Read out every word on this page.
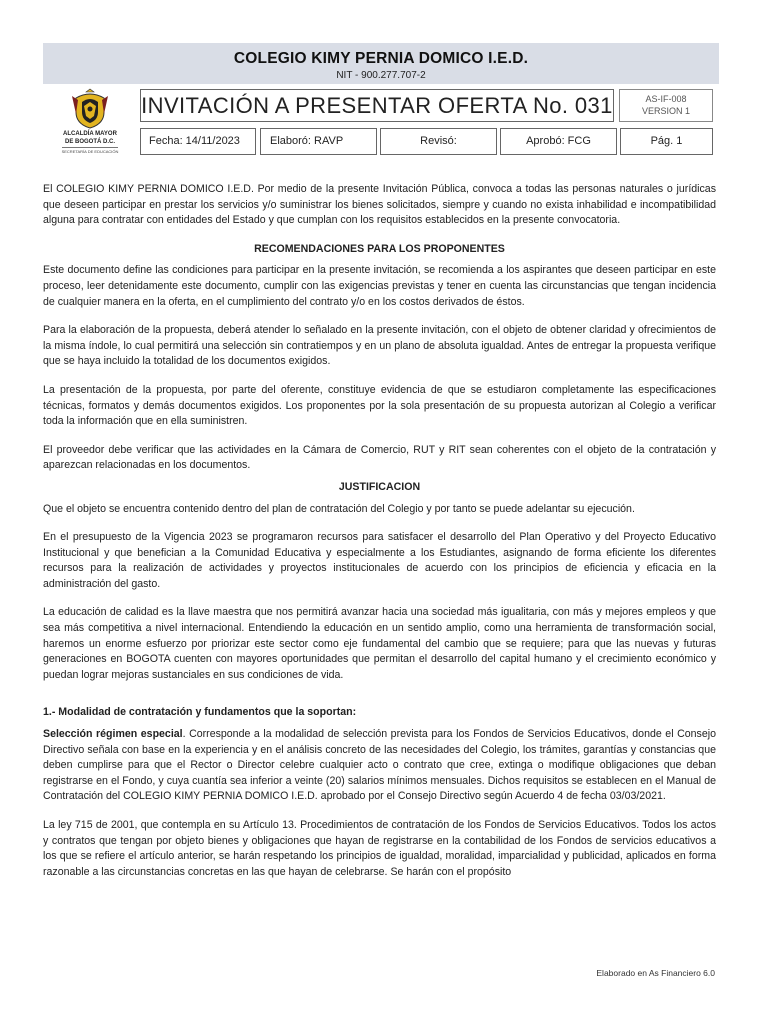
COLEGIO KIMY PERNIA DOMICO I.E.D.
NIT - 900.277.707-2
ALCALDÍA MAYOR
DE BOGOTÁ D.C.
SECRETARÍA DE EDUCACIÓN
INVITACIÓN A PRESENTAR OFERTA No. 031	AS-IF-008
VERSION 1
Fecha: 14/11/2023	Elaboró: RAVP	Revisó:	Aprobó: FCG	Pág. 1

El COLEGIO KIMY PERNIA DOMICO I.E.D. Por medio de la presente Invitación Pública, convoca a todas las personas naturales o jurídicas que deseen participar en prestar los servicios y/o suministrar los bienes solicitados, siempre y cuando no exista inhabilidad e incompatibilidad alguna para contratar con entidades del Estado y que cumplan con los requisitos establecidos en la presente convocatoria.

RECOMENDACIONES PARA LOS PROPONENTES

Este documento define las condiciones para participar en la presente invitación, se recomienda a los aspirantes que deseen participar en este proceso, leer detenidamente este documento, cumplir con las exigencias previstas y tener en cuenta las circunstancias que tengan incidencia de cualquier manera en la oferta, en el cumplimiento del contrato y/o en los costos derivados de éstos.

Para la elaboración de la propuesta, deberá atender lo señalado en la presente invitación, con el objeto de obtener claridad y ofrecimientos de la misma índole, lo cual permitirá una selección sin contratiempos y en un plano de absoluta igualdad. Antes de entregar la propuesta verifique que se haya incluido la totalidad de los documentos exigidos.

La presentación de la propuesta, por parte del oferente, constituye evidencia de que se estudiaron completamente las especificaciones técnicas, formatos y demás documentos exigidos. Los proponentes por la sola presentación de su propuesta autorizan al Colegio a verificar toda la información que en ella suministren.

El proveedor debe verificar que las actividades en la Cámara de Comercio, RUT y RIT sean coherentes con el objeto de la contratación y aparezcan relacionadas en los documentos.

JUSTIFICACION

Que el objeto se encuentra contenido dentro del plan de contratación del Colegio y por tanto se puede adelantar su ejecución.

En el presupuesto de la Vigencia 2023 se programaron recursos para satisfacer el desarrollo del Plan Operativo y del Proyecto Educativo Institucional y que benefician a la Comunidad Educativa y especialmente a los Estudiantes, asignando de forma eficiente los diferentes recursos para la realización de actividades y proyectos institucionales de acuerdo con los principios de eficiencia y eficacia en la administración del gasto.

La educación de calidad es la llave maestra que nos permitirá avanzar hacia una sociedad más igualitaria, con más y mejores empleos y que sea más competitiva a nivel internacional. Entendiendo la educación en un sentido amplio, como una herramienta de transformación social, haremos un enorme esfuerzo por priorizar este sector como eje fundamental del cambio que se requiere; para que las nuevas y futuras generaciones en BOGOTA cuenten con mayores oportunidades que permitan el desarrollo del capital humano y el crecimiento económico y puedan lograr mejoras sustanciales en sus condiciones de vida.

1.- Modalidad de contratación y fundamentos que la soportan:

Selección régimen especial. Corresponde a la modalidad de selección prevista para los Fondos de Servicios Educativos, donde el Consejo Directivo señala con base en la experiencia y en el análisis concreto de las necesidades del Colegio, los trámites, garantías y constancias que deben cumplirse para que el Rector o Director celebre cualquier acto o contrato que cree, extinga o modifique obligaciones que deban registrarse en el Fondo, y cuya cuantía sea inferior a veinte (20) salarios mínimos mensuales. Dichos requisitos se establecen en el Manual de Contratación del COLEGIO KIMY PERNIA DOMICO I.E.D. aprobado por el Consejo Directivo según Acuerdo 4 de fecha 03/03/2021.

La ley 715 de 2001, que contempla en su Artículo 13. Procedimientos de contratación de los Fondos de Servicios Educativos. Todos los actos y contratos que tengan por objeto bienes y obligaciones que hayan de registrarse en la contabilidad de los Fondos de servicios educativos a los que se refiere el artículo anterior, se harán respetando los principios de igualdad, moralidad, imparcialidad y publicidad, aplicados en forma razonable a las circunstancias concretas en las que hayan de celebrarse. Se harán con el propósito

Elaborado en As Financiero 6.0
